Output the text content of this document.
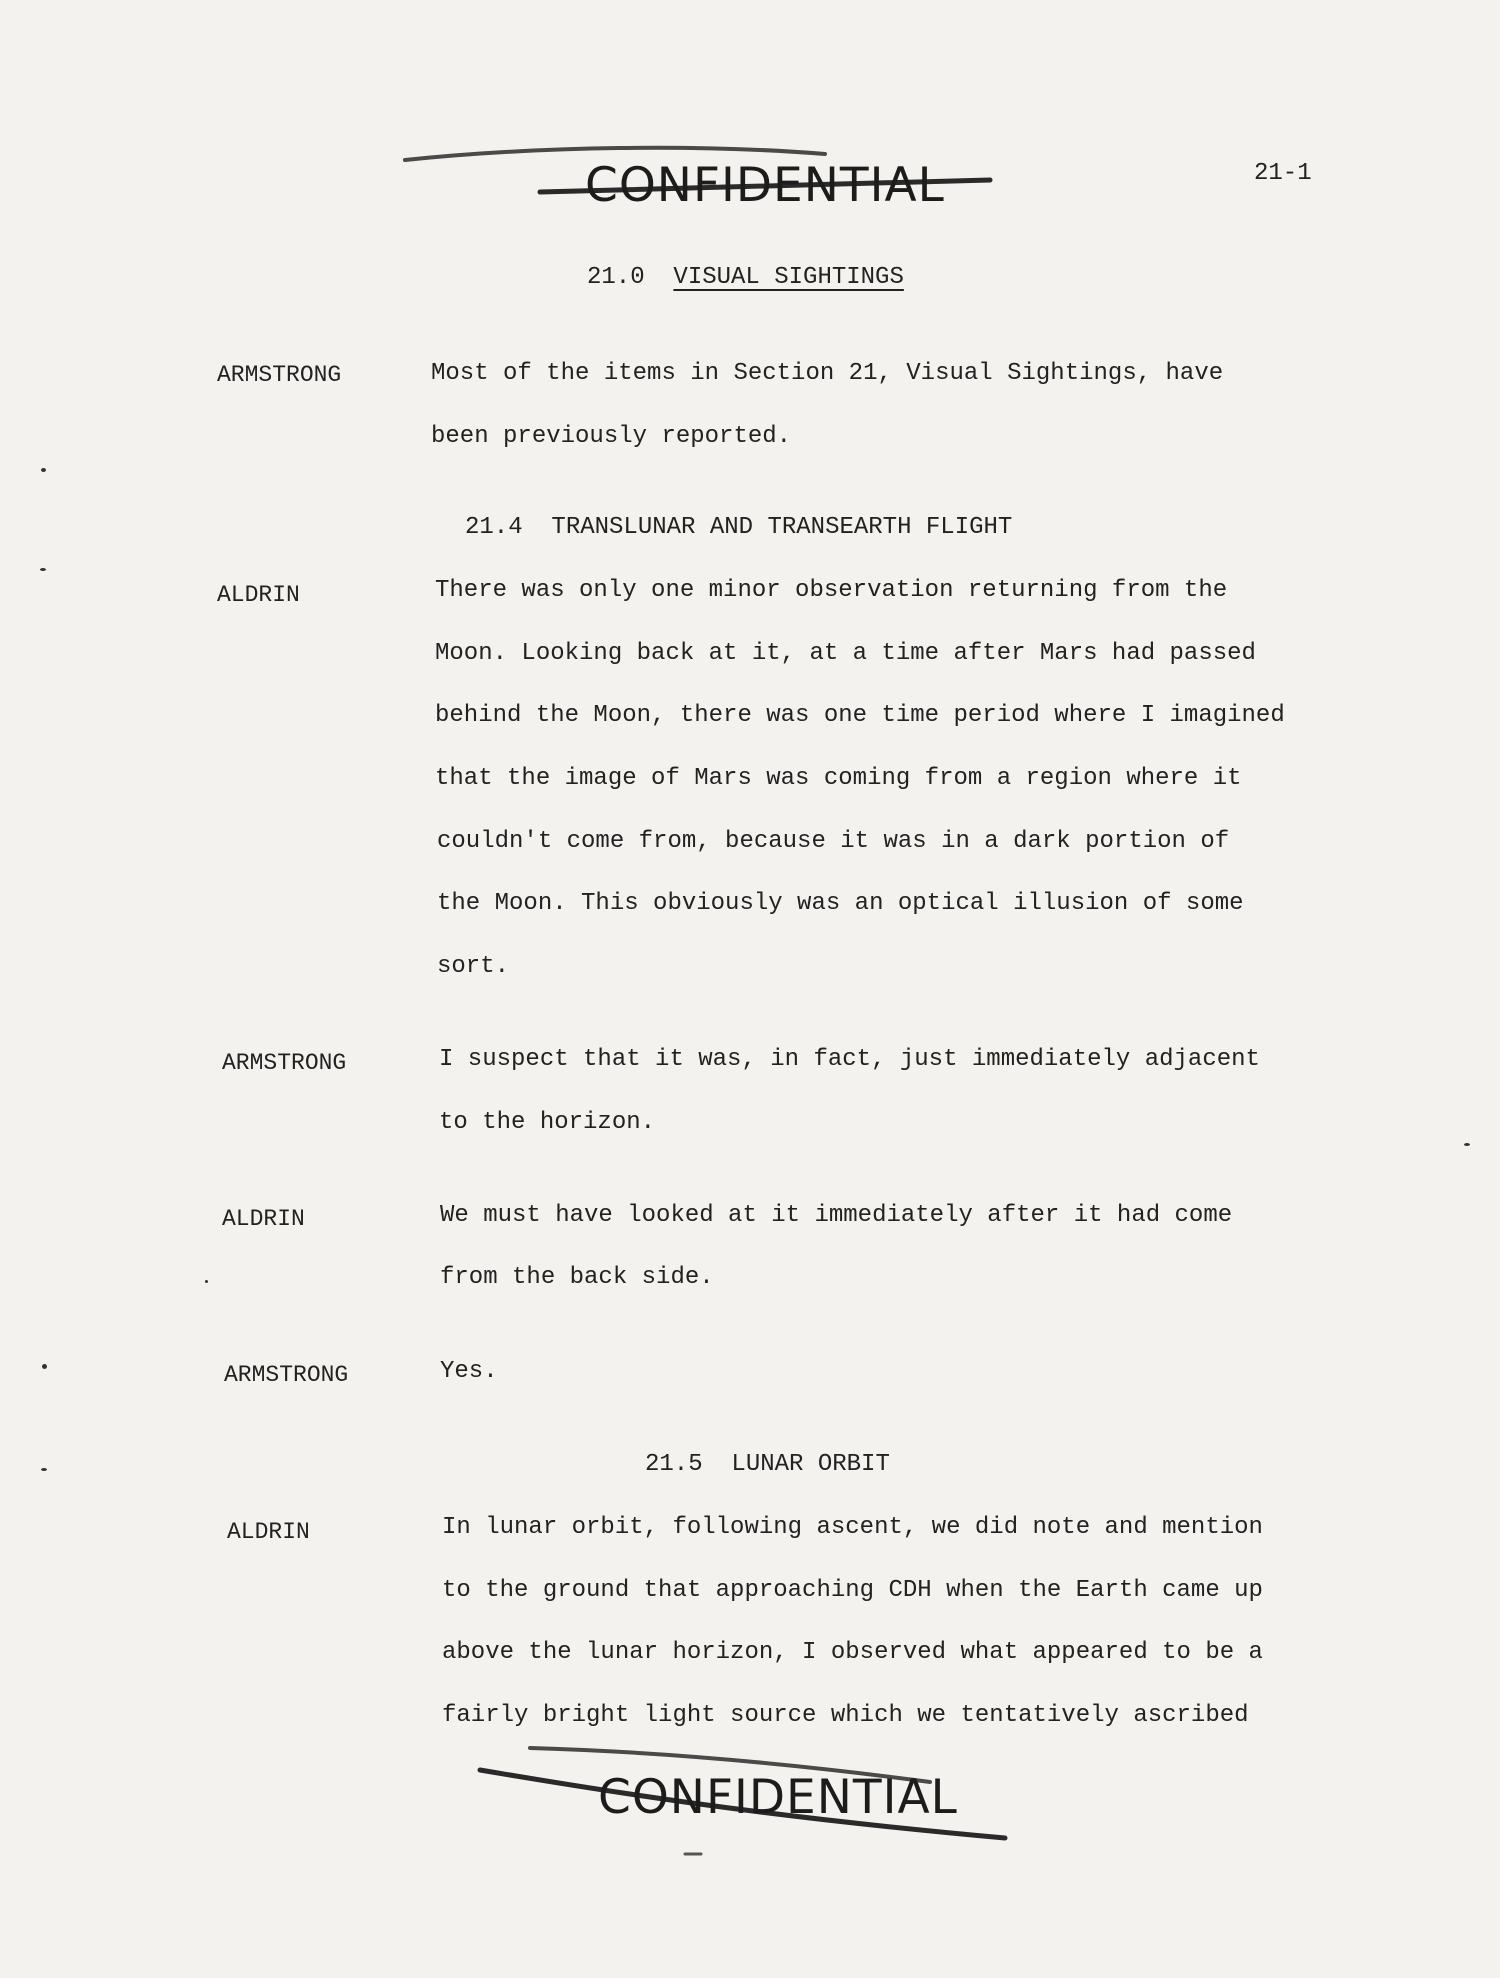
CONFIDENTIAL	21-1
21.0 VISUAL SIGHTINGS
ARMSTRONG	Most of the items in Section 21, Visual Sightings, have
been previously reported.
21.4 TRANSLUNAR AND TRANSEARTH FLIGHT
ALDRIN	There was only one minor observation returning from the
Moon. Looking back at it, at a time after Mars had passed
behind the Moon, there was one time period where I imagined
that the image of Mars was coming from a region where it
couldn't come from, because it was in a dark portion of
the Moon. This obviously was an optical illusion of some
sort.
ARMSTRONG	I suspect that it was, in fact, just immediately adjacent
to the horizon.
ALDRIN	We must have looked at it immediately after it had come
from the back side.
ARMSTRONG	Yes.
21.5 LUNAR ORBIT
ALDRIN	In lunar orbit, following ascent, we did note and mention
to the ground that approaching CDH when the Earth came up
above the lunar horizon, I observed what appeared to be a
fairly bright light source which we tentatively ascribed
CONFIDENTIAL
